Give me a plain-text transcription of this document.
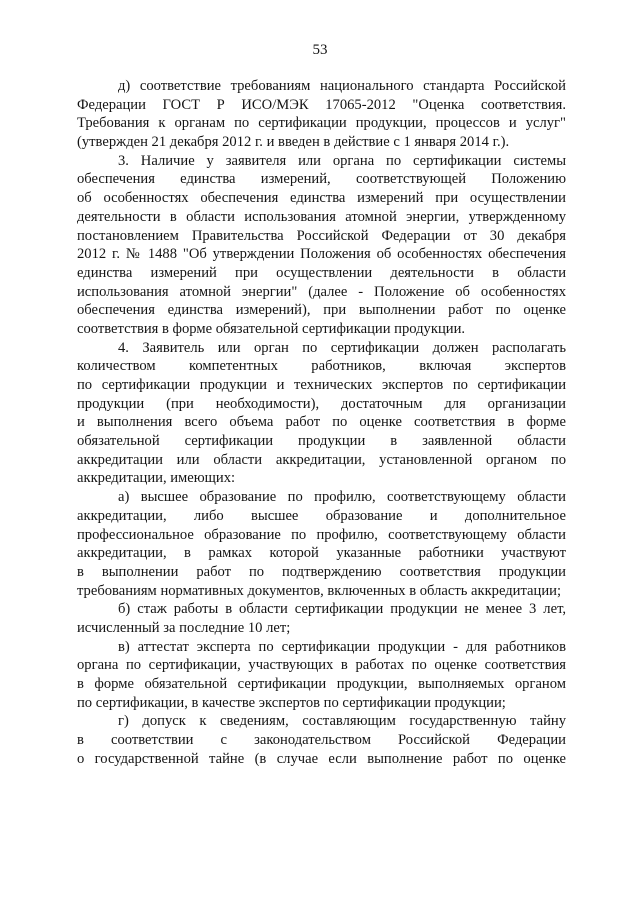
53
д) соответствие требованиям национального стандарта Российской
Федерации ГОСТ Р ИСО/МЭК 17065-2012 "Оценка соответствия.
Требования к органам по сертификации продукции, процессов и услуг"
(утвержден 21 декабря 2012 г. и введен в действие с 1 января 2014 г.).
3. Наличие у заявителя или органа по сертификации системы
обеспечения единства измерений, соответствующей Положению
об особенностях обеспечения единства измерений при осуществлении
деятельности в области использования атомной энергии, утвержденному
постановлением Правительства Российской Федерации от 30 декабря
2012 г. № 1488 "Об утверждении Положения об особенностях обеспечения
единства измерений при осуществлении деятельности в области
использования атомной энергии" (далее - Положение об особенностях
обеспечения единства измерений), при выполнении работ по оценке
соответствия в форме обязательной сертификации продукции.
4. Заявитель или орган по сертификации должен располагать
количеством компетентных работников, включая экспертов
по сертификации продукции и технических экспертов по сертификации
продукции (при необходимости), достаточным для организации
и выполнения всего объема работ по оценке соответствия в форме
обязательной сертификации продукции в заявленной области
аккредитации или области аккредитации, установленной органом по
аккредитации, имеющих:
а) высшее образование по профилю, соответствующему области
аккредитации, либо высшее образование и дополнительное
профессиональное образование по профилю, соответствующему области
аккредитации, в рамках которой указанные работники участвуют
в выполнении работ по подтверждению соответствия продукции
требованиям нормативных документов, включенных в область аккредитации;
б) стаж работы в области сертификации продукции не менее 3 лет,
исчисленный за последние 10 лет;
в) аттестат эксперта по сертификации продукции - для работников
органа по сертификации, участвующих в работах по оценке соответствия
в форме обязательной сертификации продукции, выполняемых органом
по сертификации, в качестве экспертов по сертификации продукции;
г) допуск к сведениям, составляющим государственную тайну
в соответствии с законодательством Российской Федерации
о государственной тайне (в случае если выполнение работ по оценке
